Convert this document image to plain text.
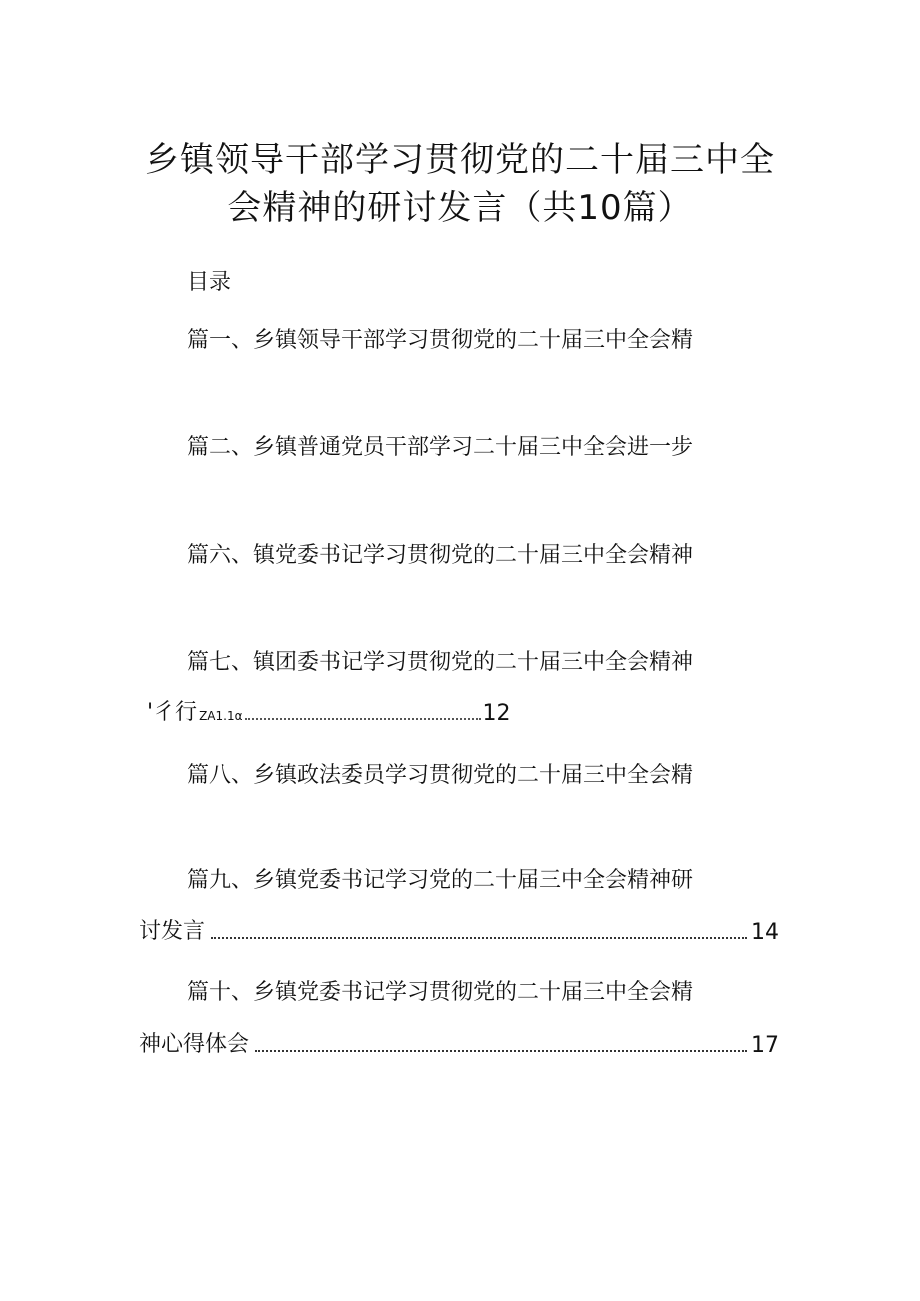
乡镇领导干部学习贯彻党的二十届三中全
会精神的研讨发言（共10篇）
目录
篇一、乡镇领导干部学习贯彻党的二十届三中全会精
篇二、乡镇普通党员干部学习二十届三中全会进一步
篇六、镇党委书记学习贯彻党的二十届三中全会精神
篇七、镇团委书记学习贯彻党的二十届三中全会精神
'彳行 ZA1.1α	12
篇八、乡镇政法委员学习贯彻党的二十届三中全会精
篇九、乡镇党委书记学习党的二十届三中全会精神研
讨发言	14
篇十、乡镇党委书记学习贯彻党的二十届三中全会精
神心得体会	17
